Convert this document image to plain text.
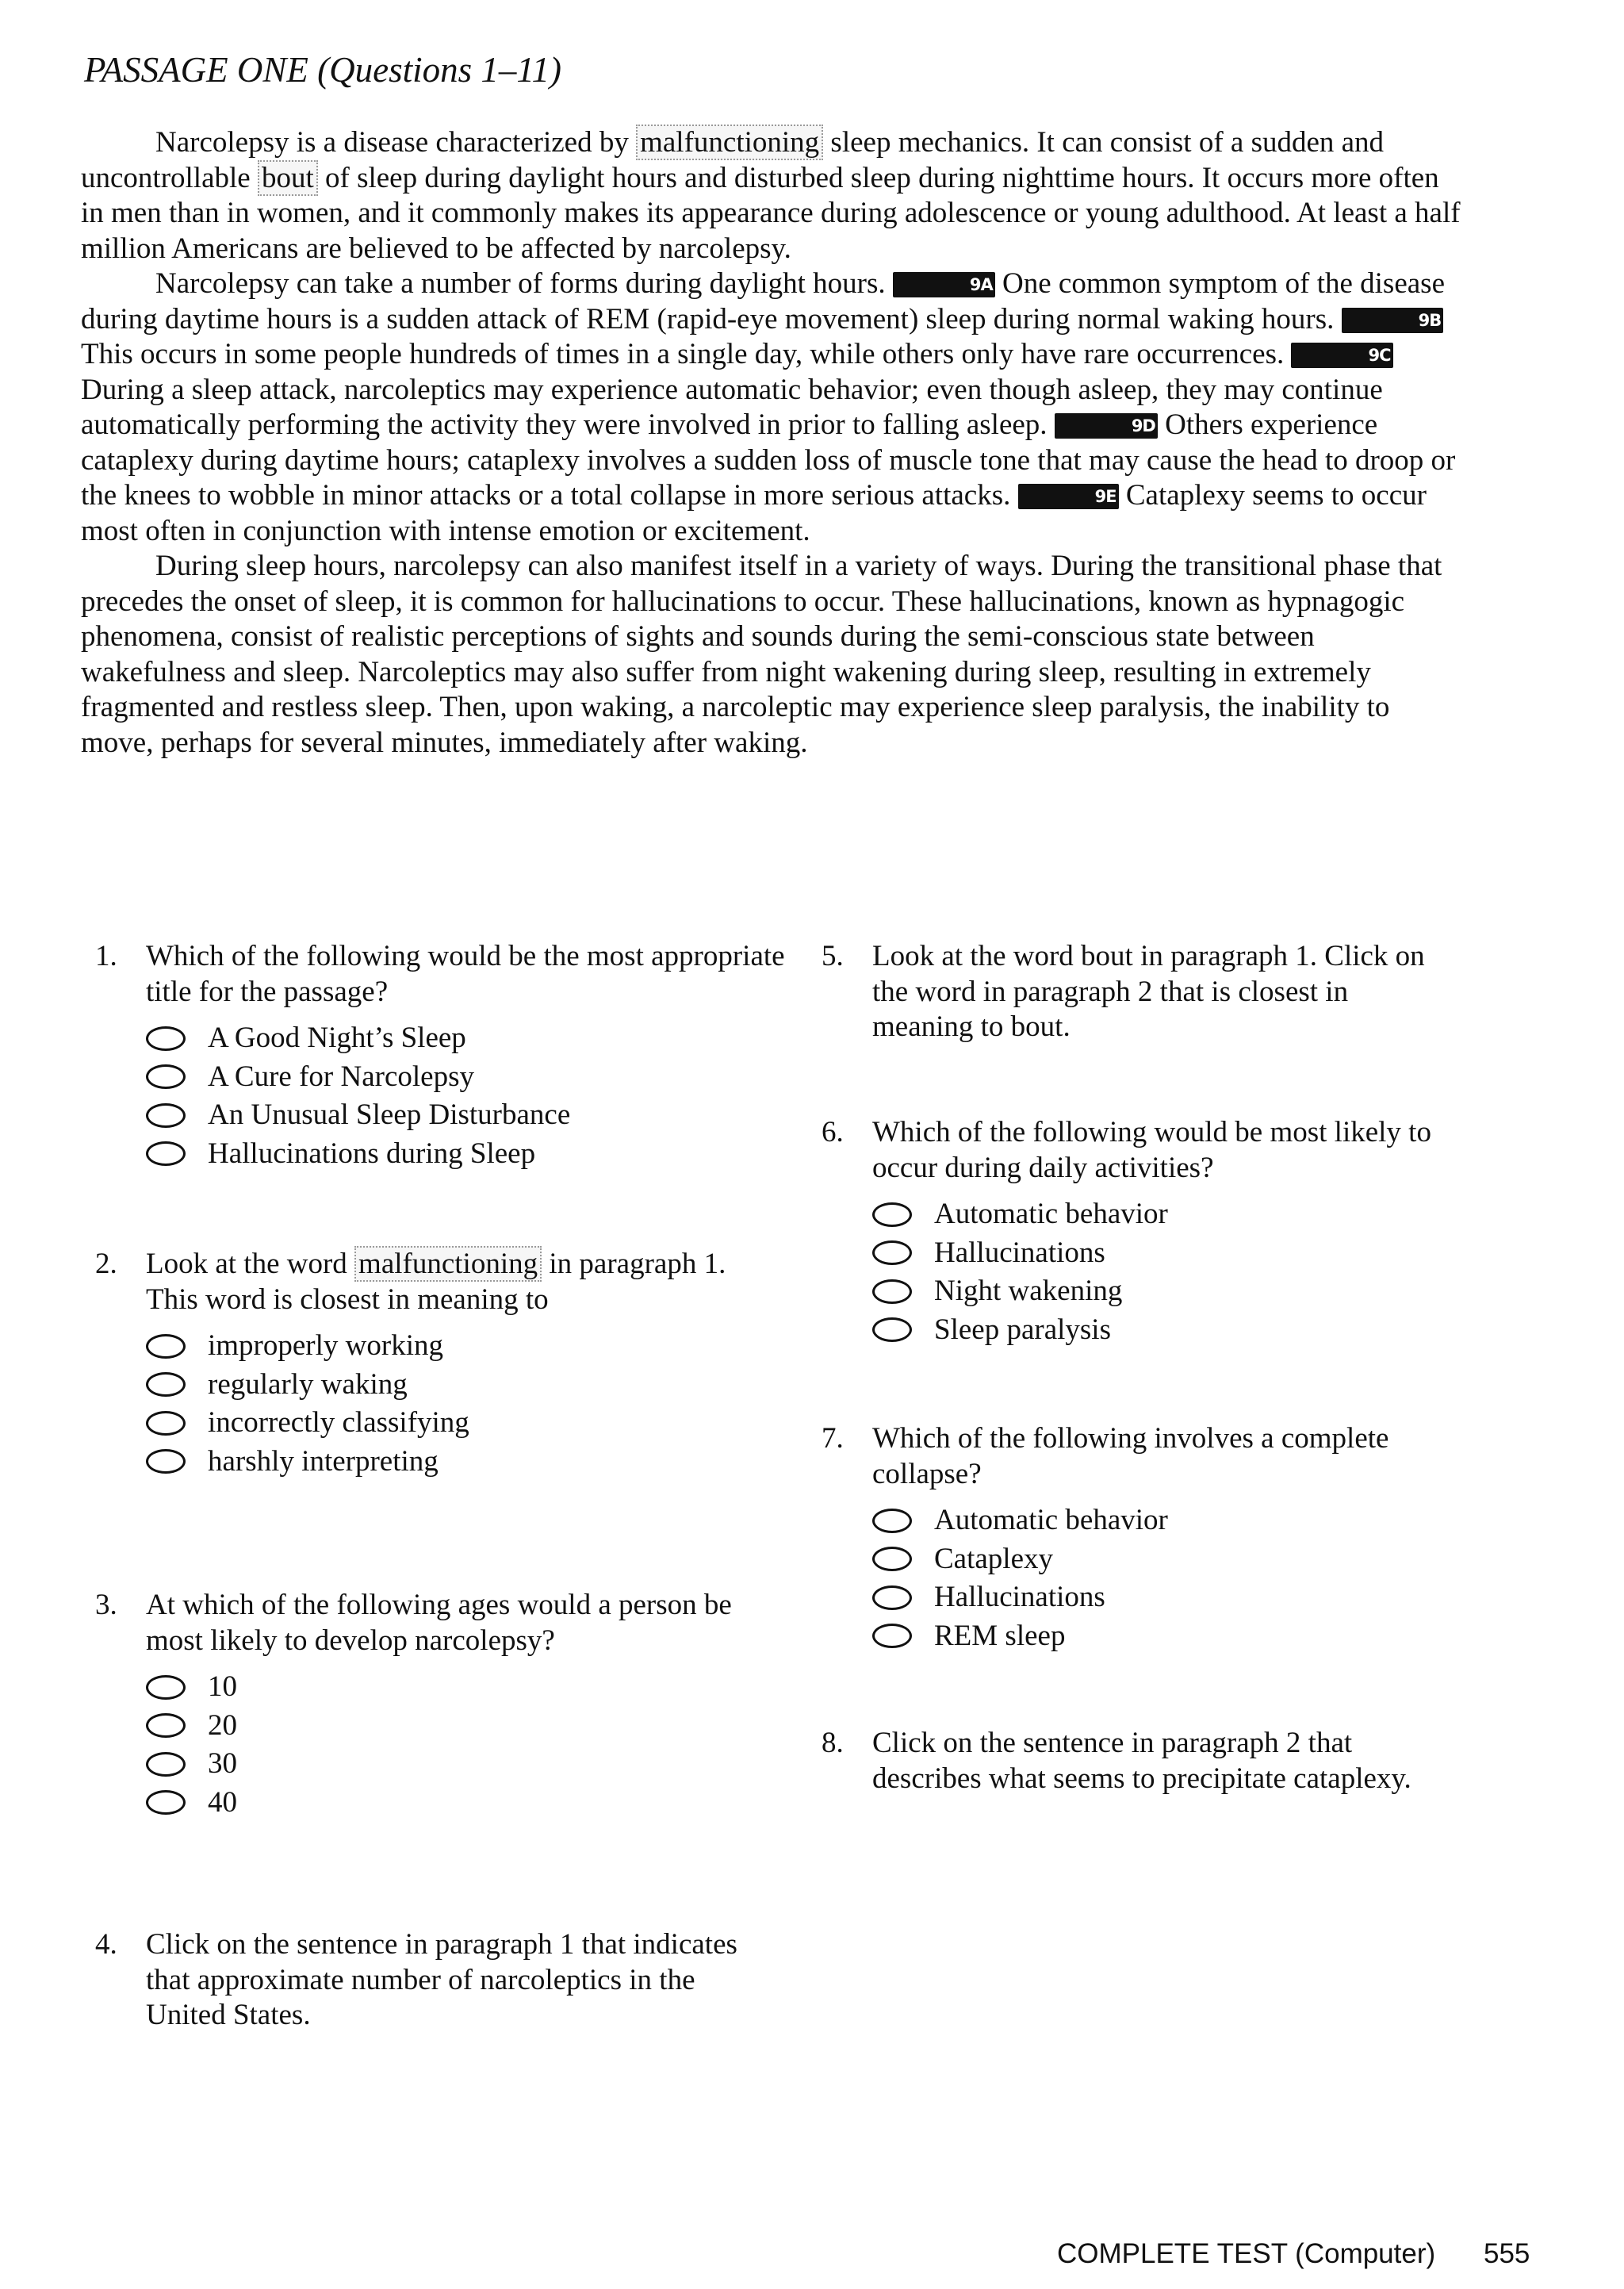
PASSAGE ONE (Questions 1–11)

Narcolepsy is a disease characterized by malfunctioning sleep mechanics. It can consist of a sudden and uncontrollable bout of sleep during daylight hours and disturbed sleep during nighttime hours. It occurs more often in men than in women, and it commonly makes its appearance during adolescence or young adulthood. At least a half million Americans are believed to be affected by narcolepsy.

Narcolepsy can take a number of forms during daylight hours.	9A One common symptom of the disease during daytime hours is a sudden attack of REM (rapid-eye movement) sleep during normal waking hours.	9B This occurs in some people hundreds of times in a single day, while others only have rare occurrences.	9C During a sleep attack, narcoleptics may experience automatic behavior; even though asleep, they may continue automatically performing the activity they were involved in prior to falling asleep.	9D Others experience cataplexy during daytime hours; cataplexy involves a sudden loss of muscle tone that may cause the head to droop or the knees to wobble in minor attacks or a total collapse in more serious attacks.	9E Cataplexy seems to occur most often in conjunction with intense emotion or excitement.

During sleep hours, narcolepsy can also manifest itself in a variety of ways. During the transitional phase that precedes the onset of sleep, it is common for hallucinations to occur. These hallucinations, known as hypnagogic phenomena, consist of realistic perceptions of sights and sounds during the semi-conscious state between wakefulness and sleep. Narcoleptics may also suffer from night wakening during sleep, resulting in extremely fragmented and restless sleep. Then, upon waking, a narcoleptic may experience sleep paralysis, the inability to move, perhaps for several minutes, immediately after waking.

1. Which of the following would be the most appropriate title for the passage?
A Good Night’s Sleep
A Cure for Narcolepsy
An Unusual Sleep Disturbance
Hallucinations during Sleep
2. Look at the word malfunctioning in paragraph 1. This word is closest in meaning to
improperly working
regularly waking
incorrectly classifying
harshly interpreting
3. At which of the following ages would a person be most likely to develop narcolepsy?
10
20
30
40
4. Click on the sentence in paragraph 1 that indicates that approximate number of narcoleptics in the United States.
5. Look at the word bout in paragraph 1. Click on the word in paragraph 2 that is closest in meaning to bout.
6. Which of the following would be most likely to occur during daily activities?
Automatic behavior
Hallucinations
Night wakening
Sleep paralysis
7. Which of the following involves a complete collapse?
Automatic behavior
Cataplexy
Hallucinations
REM sleep
8. Click on the sentence in paragraph 2 that describes what seems to precipitate cataplexy.
COMPLETE TEST (Computer) 555
